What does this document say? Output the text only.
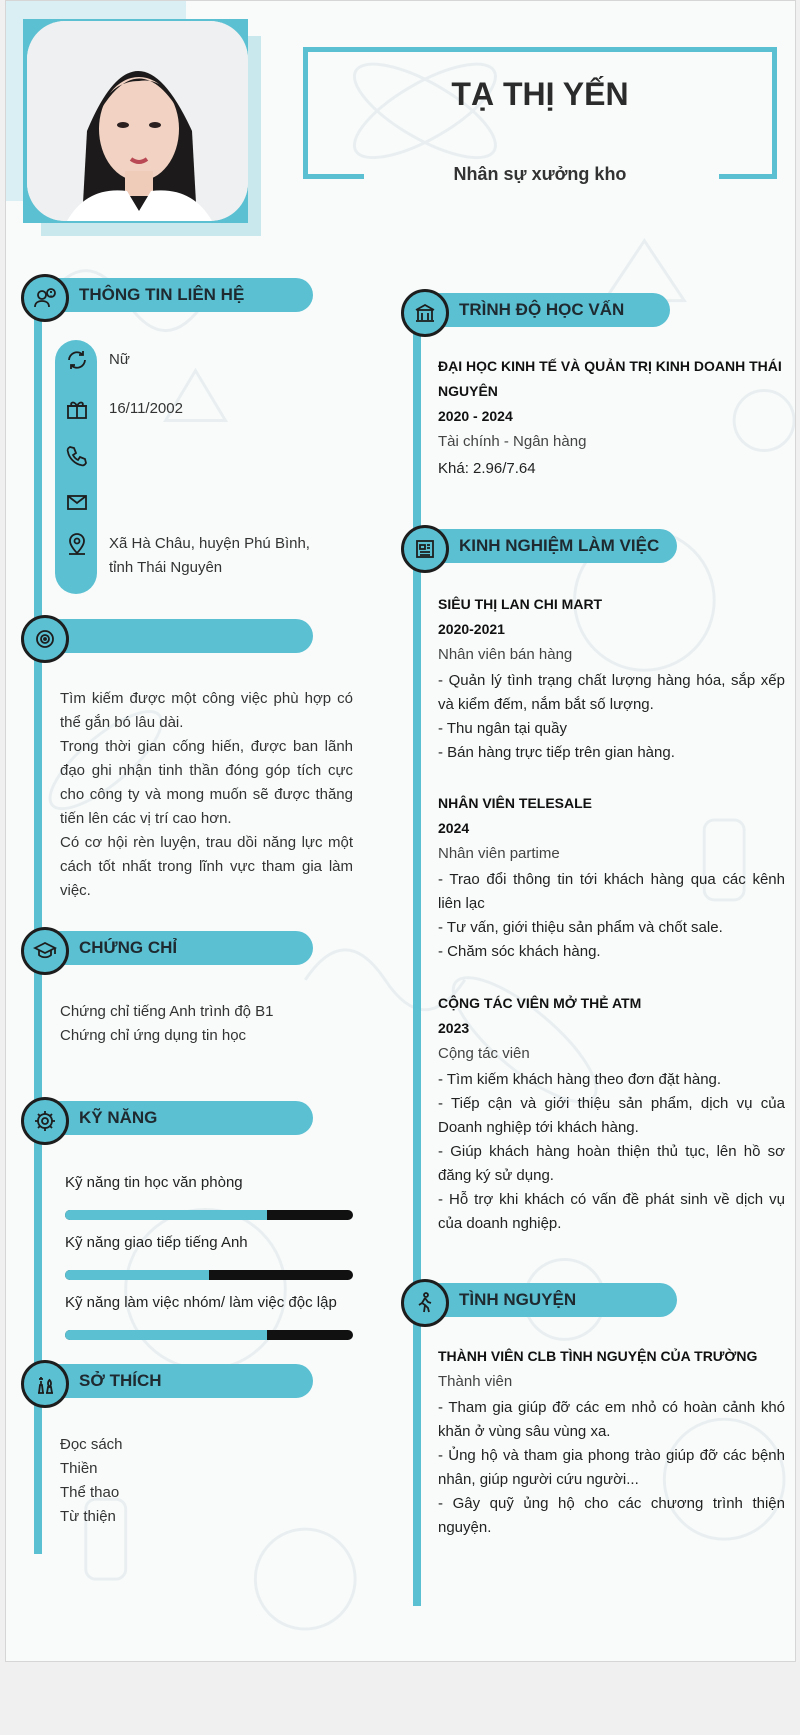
TẠ THỊ YẾN
Nhân sự xưởng kho
THÔNG TIN LIÊN HỆ
Nữ
16/11/2002
Xã Hà Châu, huyện Phú Bình, tỉnh Thái Nguyên
Tìm kiếm được một công việc phù hợp có thể gắn bó lâu dài.
Trong thời gian cống hiến, được ban lãnh đạo ghi nhận tinh thần đóng góp tích cực cho công ty và mong muốn sẽ được thăng tiến lên các vị trí cao hơn.
Có cơ hội rèn luyện, trau dồi năng lực một cách tốt nhất trong lĩnh vực tham gia làm việc.
CHỨNG CHỈ
Chứng chỉ tiếng Anh trình độ B1
Chứng chỉ ứng dụng tin học
KỸ NĂNG
Kỹ năng tin học văn phòng
Kỹ năng giao tiếp tiếng Anh
Kỹ năng làm việc nhóm/ làm việc độc lập
SỞ THÍCH
Đọc sách
Thiền
Thể thao
Từ thiện
TRÌNH ĐỘ HỌC VẤN
ĐẠI HỌC KINH TẾ VÀ QUẢN TRỊ KINH DOANH THÁI NGUYÊN
2020 - 2024
Tài chính - Ngân hàng
Khá: 2.96/7.64
KINH NGHIỆM LÀM VIỆC
SIÊU THỊ LAN CHI MART
2020-2021
Nhân viên bán hàng
- Quản lý tình trạng chất lượng hàng hóa, sắp xếp và kiểm đếm, nắm bắt số lượng.
- Thu ngân tại quầy
- Bán hàng trực tiếp trên gian hàng.
NHÂN VIÊN TELESALE
2024
Nhân viên partime
- Trao đổi thông tin tới khách hàng qua các kênh liên lạc
- Tư vấn, giới thiệu sản phẩm và chốt sale.
- Chăm sóc khách hàng.
CỘNG TÁC VIÊN MỞ THẺ ATM
2023
Cộng tác viên
- Tìm kiếm khách hàng theo đơn đặt hàng.
- Tiếp cận và giới thiệu sản phẩm, dịch vụ của Doanh nghiệp tới khách hàng.
- Giúp khách hàng hoàn thiện thủ tục, lên hồ sơ đăng ký sử dụng.
- Hỗ trợ khi khách có vấn đề phát sinh về dịch vụ của doanh nghiệp.
TÌNH NGUYỆN
THÀNH VIÊN CLB TÌNH NGUYỆN CỦA TRƯỜNG
Thành viên
- Tham gia giúp đỡ các em nhỏ có hoàn cảnh khó khăn ở vùng sâu vùng xa.
- Ủng hộ và tham gia phong trào giúp đỡ các bệnh nhân, giúp người cứu người...
- Gây quỹ ủng hộ cho các chương trình thiện nguyện.
